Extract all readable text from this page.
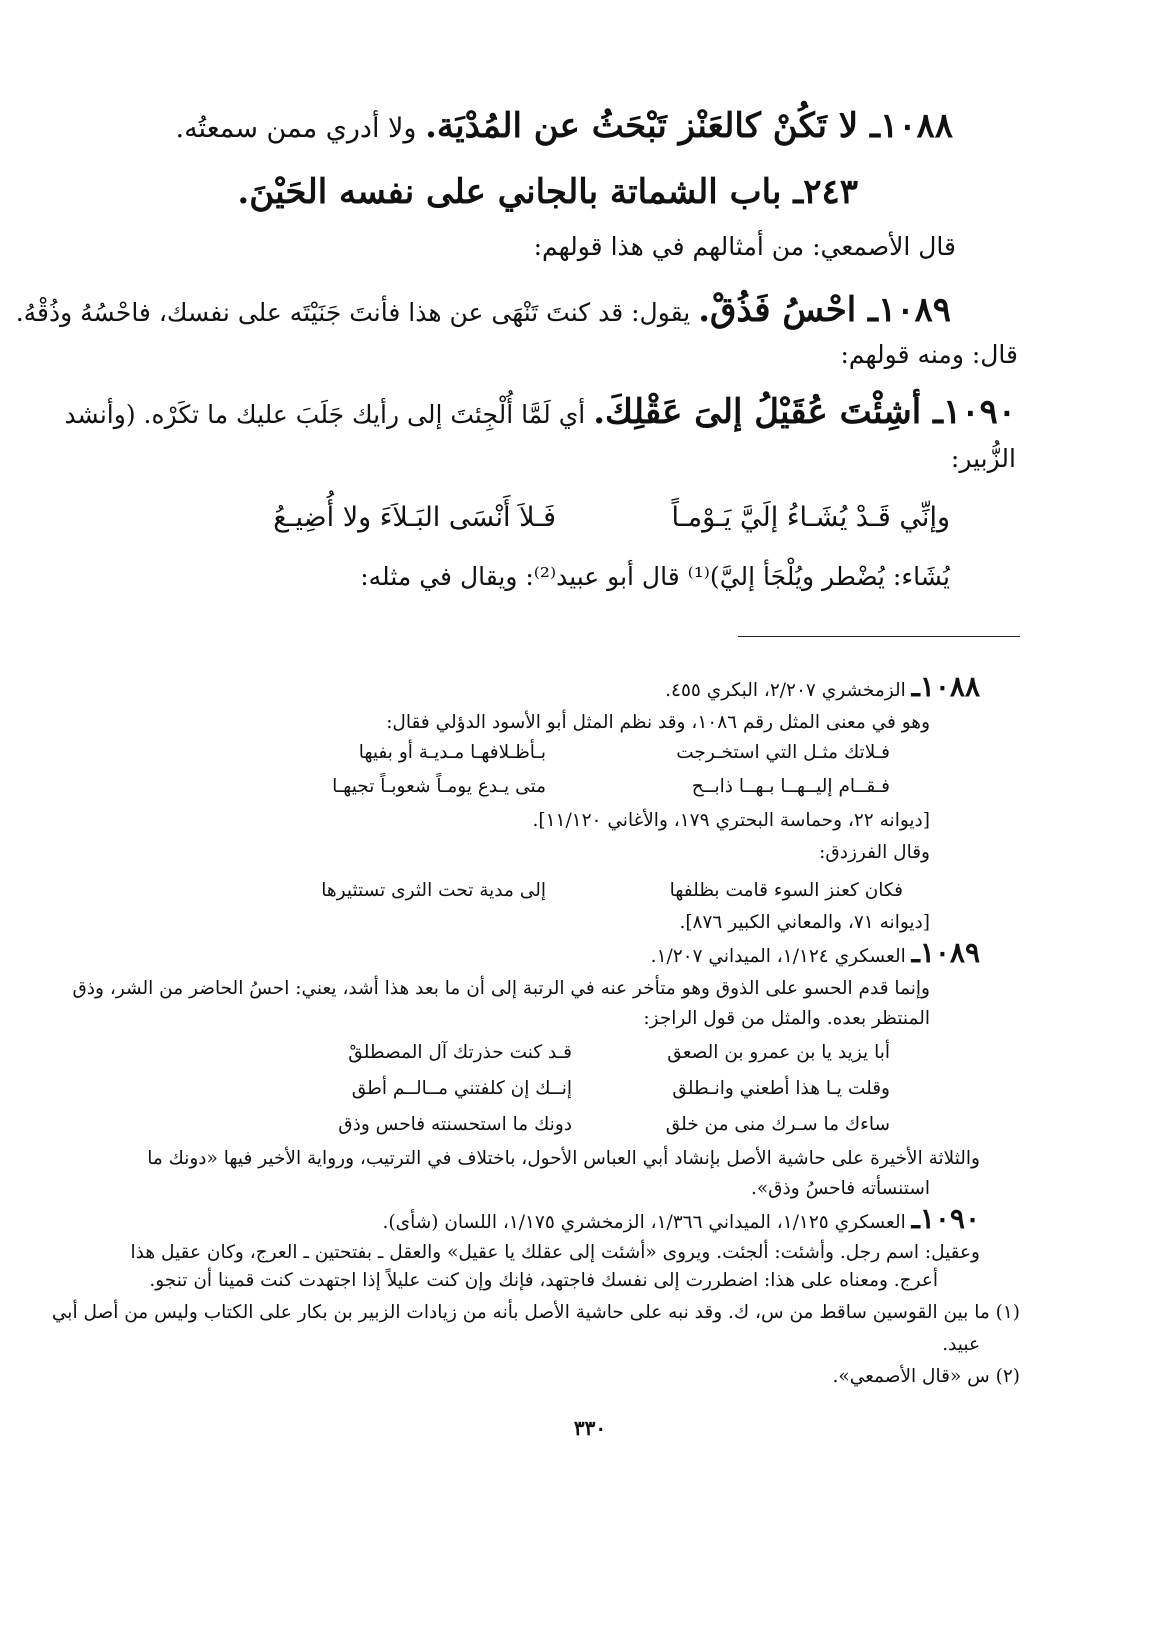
١٠٨٨ـ لا تَكُنْ كالعَنْز تَبْحَثُ عن المُدْيَة. ولا أدري ممن سمعتُه.
٢٤٣ـ باب الشماتة بالجاني على نفسه الحَيْنَ.
قال الأصمعي: من أمثالهم في هذا قولهم:
١٠٨٩ـ احْسُ فَذُقْ. يقول: قد كنتَ تَنْهَى عن هذا فأنتَ جَنَيْتَه على نفسك، فاحْسُهُ وذُقْهُ.
قال: ومنه قولهم:
١٠٩٠ـ أشِئْتَ عُقَيْلُ إلىَ عَقْلِكَ. أي لَمَّا أُلْجِئتَ إلى رأيك جَلَبَ عليك ما تكَرْه. (وأنشد
الزُّبير:
وإنِّي قَـدْ يُشَـاءُ إلَيَّ يَـوْمـاً
فَـلاَ أَنْسَى البَـلاَءَ ولا أُضِيـعُ
يُشَاء: يُضْطر ويُلْجَأ إليَّ)⁽¹⁾ قال أبو عبيد⁽²⁾: ويقال في مثله:
١٠٨٨ـ الزمخشري ٢/٢٠٧، البكري ٤٥٥.
وهو في معنى المثل رقم ١٠٨٦، وقد نظم المثل أبو الأسود الدؤلي فقال:
فـلاتك مثـل التي استخـرجت
بـأظـلافهـا مـديـة أو بفيها
فـقــام إليــهــا بـهــا ذابــح
متى يـدع يومـاً شعوبـاً تجيهـا
[ديوانه ٢٢، وحماسة البحتري ١٧٩، والأغاني ١١/١٢٠].
وقال الفرزدق:
فكان كعنز السوء قامت بظلفها
إلى مدية تحت الثرى تستثيرها
[ديوانه ٧١، والمعاني الكبير ٨٧٦].
١٠٨٩ـ العسكري ١/١٢٤، الميداني ١/٢٠٧.
وإنما قدم الحسو على الذوق وهو متأخر عنه في الرتبة إلى أن ما بعد هذا أشد، يعني: احسُ الحاضر من الشر، وذق
المنتظر بعده. والمثل من قول الراجز:
أبا يزيد يا بن عمرو بن الصعق
قـد كنت حذرتك آل المصطلقْ
وقلت يـا هذا أطعني وانـطلق
إنــك إن كلفتني مــالــم أطق
ساءك ما سـرك منى من خلق
دونك ما استحسنته فاحس وذق
والثلاثة الأخيرة على حاشية الأصل بإنشاد أبي العباس الأحول، باختلاف في الترتيب، ورواية الأخير فيها «دونك ما
استنسأته فاحسُ وذق».
١٠٩٠ـ العسكري ١/١٢٥، الميداني ١/٣٦٦، الزمخشري ١/١٧٥، اللسان (شأى).
وعقيل: اسم رجل. وأشئت: ألجئت. ويروى «أشئت إلى عقلك يا عقيل» والعقل ـ بفتحتين ـ العرج، وكان عقيل هذا
أعرج. ومعناه على هذا: اضطررت إلى نفسك فاجتهد، فإنك وإن كنت عليلاً إذا اجتهدت كنت قمينا أن تنجو.
(١) ما بين القوسين ساقط من س، ك. وقد نبه على حاشية الأصل بأنه من زيادات الزبير بن بكار على الكتاب وليس من أصل أبي
عبيد.
(٢) س «قال الأصمعي».
٣٣٠
